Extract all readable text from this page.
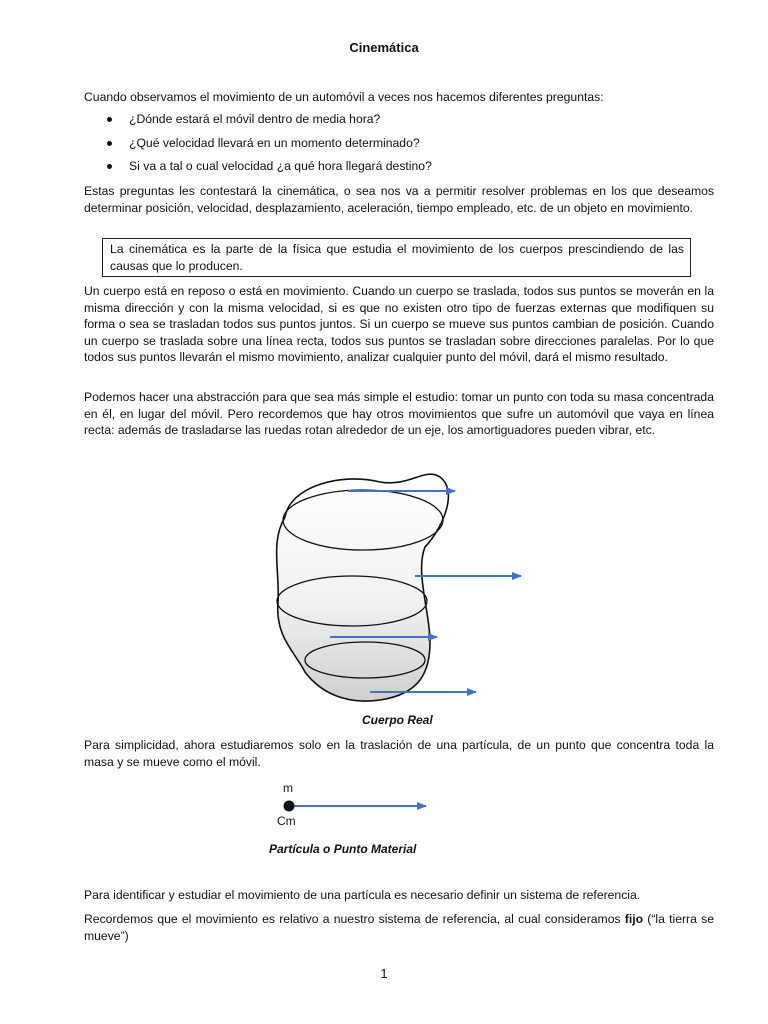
Cinemática

Cuando observamos el movimiento de un automóvil a veces nos hacemos diferentes preguntas:

¿Dónde estará el móvil dentro de media hora?
¿Qué velocidad llevará en un momento determinado?
Si va a tal o cual velocidad ¿a qué hora llegará destino?

Estas preguntas les contestará la cinemática, o sea nos va a permitir resolver problemas en los que deseamos determinar posición, velocidad, desplazamiento, aceleración, tiempo empleado, etc. de un objeto en movimiento.

La cinemática es la parte de la física que estudia el movimiento de los cuerpos prescindiendo de las causas que lo producen.

Un cuerpo está en reposo o está en movimiento. Cuando un cuerpo se traslada, todos sus puntos se moverán en la misma dirección y con la misma velocidad, si es que no existen otro tipo de fuerzas externas que modifiquen su forma o sea se trasladan todos sus puntos juntos. Si un cuerpo se mueve sus puntos cambian de posición. Cuando un cuerpo se traslada sobre una línea recta, todos sus puntos se trasladan sobre direcciones paralelas. Por lo que todos sus puntos llevarán el mismo movimiento, analizar cualquier punto del móvil, dará el mismo resultado.

Podemos hacer una abstracción para que sea más simple el estudio: tomar un punto con toda su masa concentrada en él, en lugar del móvil. Pero recordemos que hay otros movimientos que sufre un automóvil que vaya en línea recta: además de trasladarse las ruedas rotan alrededor de un eje, los amortiguadores pueden vibrar, etc.

Cuerpo Real

Para simplicidad, ahora estudiaremos solo en la traslación de una partícula, de un punto que concentra toda la masa y se mueve como el móvil.

m
Cm
Partícula o Punto Material

Para identificar y estudiar el movimiento de una partícula es necesario definir un sistema de referencia.

Recordemos que el movimiento es relativo a nuestro sistema de referencia, al cual consideramos fijo (“la tierra se mueve”)

1
